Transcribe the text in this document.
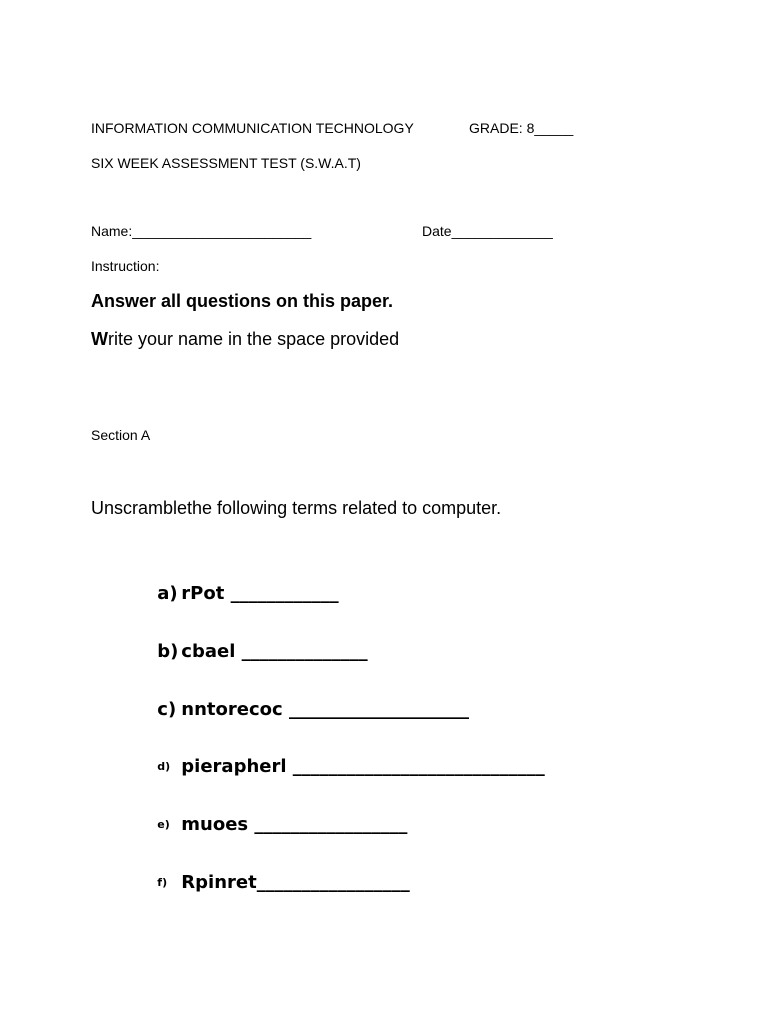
INFORMATION COMMUNICATION TECHNOLOGY	GRADE: 8_____
SIX WEEK ASSESSMENT TEST (S.W.A.T)
Name:_______________________	Date_____________
Instruction:
Answer all questions on this paper.
Write your name in the space provided
Section A
Unscramblethe following terms related to computer.

a) rPot ____________

b) cbael ______________

c) nntorecoc ____________________

d) pierapherl ____________________________

e) muoes _________________

f) Rpinret_________________
